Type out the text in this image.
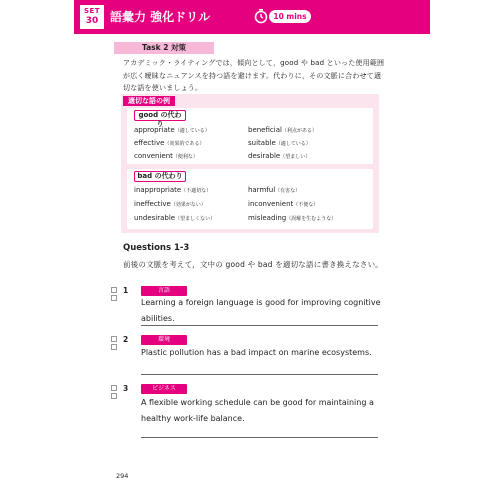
SET
30 語彙力 強化ドリル	10 mins
Task 2 対策
アカデミック・ライティングでは，傾向として，good や bad といった使用範囲が広く曖昧なニュアンスを持つ語を避けます。代わりに，その文脈に合わせて適切な語を使いましょう。
適切な語の例
good の代わり
appropriate（適している）	beneficial（利点がある）
effective（効果的である）	suitable（適している）
convenient（便利な）	desirable（望ましい）
bad の代わり
inappropriate（不適切な）	harmful（有害な）
ineffective（効果がない）	inconvenient（不便な）
undesirable（望ましくない）	misleading（誤解を生むような）
Questions 1-3
前後の文脈を考えて，文中の good や bad を適切な語に書き換えなさい。
1	言語
Learning a foreign language is good for improving cognitive abilities.
2	環境
Plastic pollution has a bad impact on marine ecosystems.
3	ビジネス
A flexible working schedule can be good for maintaining a healthy work-life balance.
294
